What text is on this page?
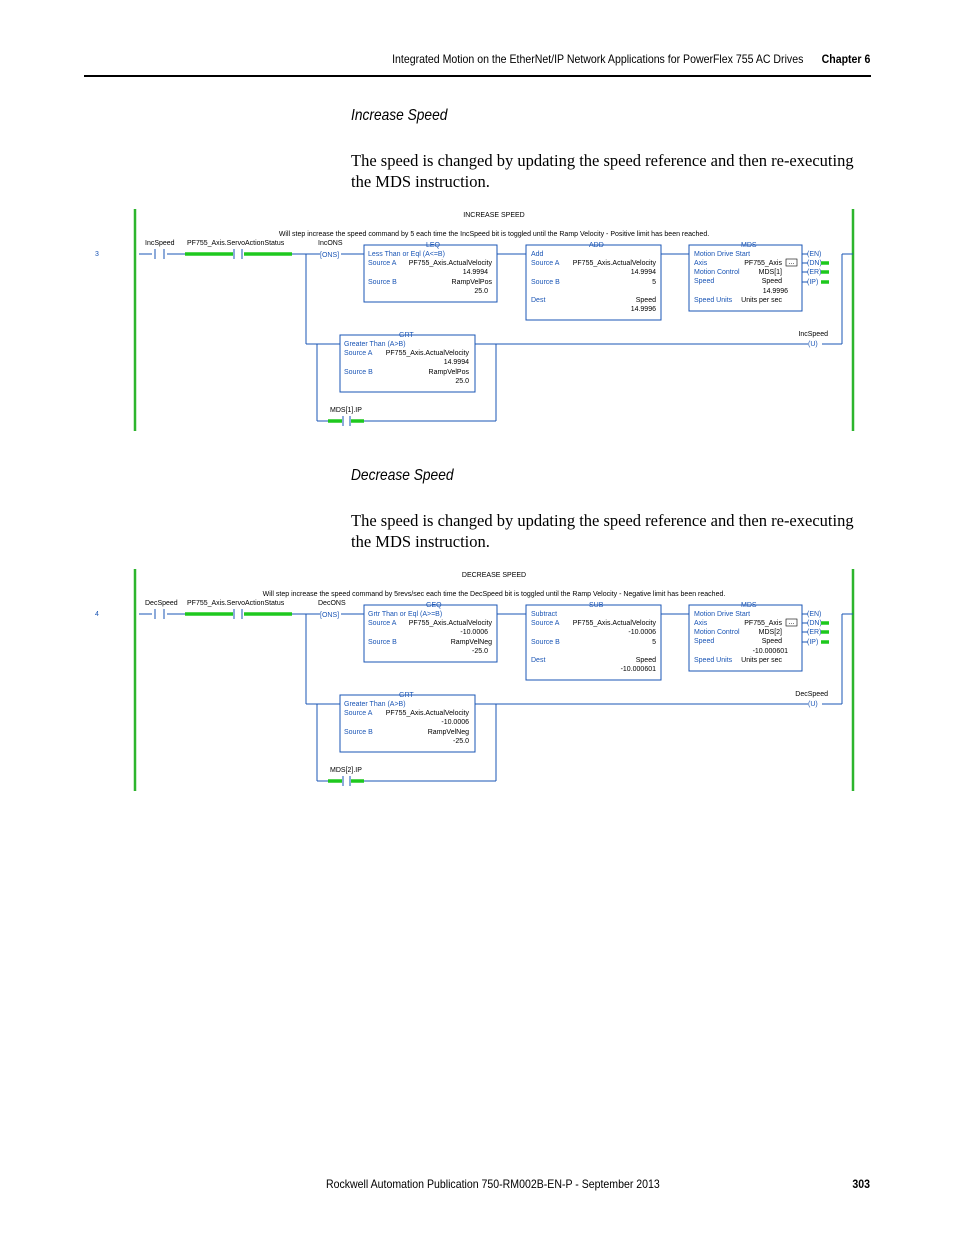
Integrated Motion on the EtherNet/IP Network Applications for PowerFlex 755 AC Drives Chapter 6
Increase Speed
The speed is changed by updating the speed reference and then re-executing the MDS instruction.
INCREASE SPEED
Will step increase the speed command by 5 each time the IncSpeed bit is toggled until the Ramp Velocity - Positive limit has been reached.
3
IncSpeed PF755_Axis.ServoActionStatus	IncONS
[ONS]
LEQ
Less Than or Eql (A<=B)
Source A PF755_Axis.ActualVelocity
14.9994
Source B	RampVelPos
25.0
ADD
Add
Source A PF755_Axis.ActualVelocity
14.9994
Source B	5
Dest	Speed
14.9996
MDS
Motion Drive Start
Axis	PF755_Axis ...
Motion Control	MDS[1]
Speed	Speed
14.9996
Speed Units Units per sec
(EN)
(DN)
(ER)
(IP)
GRT
Greater Than (A>B)
Source A PF755_Axis.ActualVelocity
14.9994
Source B	RampVelPos
25.0
IncSpeed
(U)
MDS[1].IP
Decrease Speed
The speed is changed by updating the speed reference and then re-executing the MDS instruction.
DECREASE SPEED
Will step increase the speed command by 5revs/sec each time the DecSpeed bit is toggled until the Ramp Velocity - Negative limit has been reached.
4
DecSpeed PF755_Axis.ServoActionStatus	DecONS
[ONS]
GEQ
Grtr Than or Eql (A>=B)
Source A PF755_Axis.ActualVelocity
-10.0006
Source B	RampVelNeg
-25.0
SUB
Subtract
Source A PF755_Axis.ActualVelocity
-10.0006
Source B	5
Dest	Speed
-10.000601
MDS
Motion Drive Start
Axis	PF755_Axis ...
Motion Control	MDS[2]
Speed	Speed
-10.000601
Speed Units Units per sec
(EN)
(DN)
(ER)
(IP)
GRT
Greater Than (A>B)
Source A PF755_Axis.ActualVelocity
-10.0006
Source B	RampVelNeg
-25.0
DecSpeed
(U)
MDS[2].IP
Rockwell Automation Publication 750-RM002B-EN-P - September 2013	303
